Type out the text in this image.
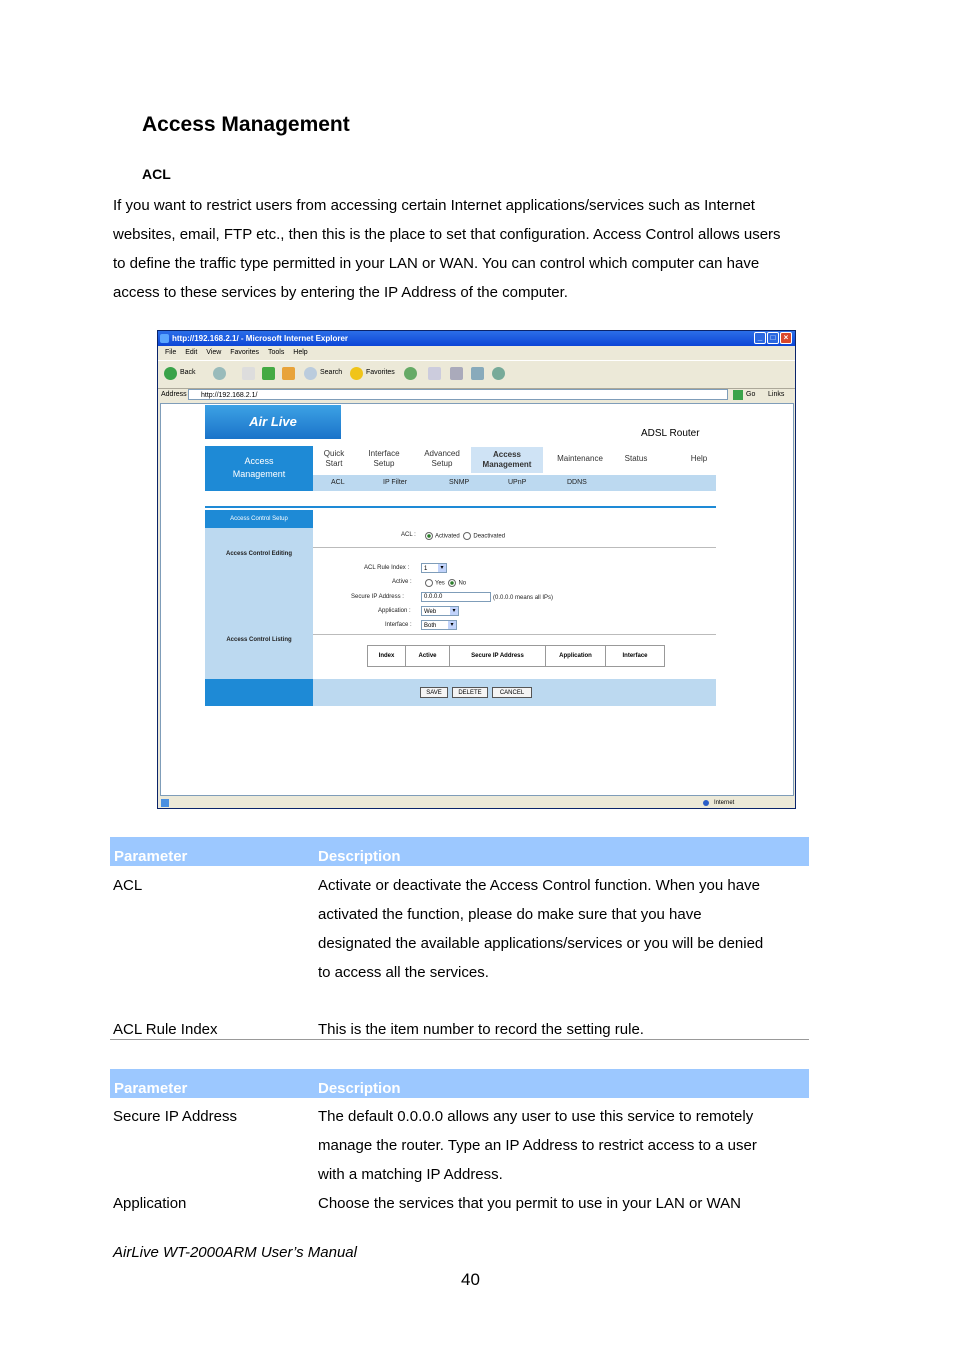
Access Management
ACL
If you want to restrict users from accessing certain Internet applications/services such as Internet
websites, email, FTP etc., then this is the place to set that configuration. Access Control allows users
to define the traffic type permitted in your LAN or WAN. You can control which computer can have
access to these services by entering the IP Address of the computer.
http://192.168.2.1/ - Microsoft Internet Explorer	_	□	×
File Edit View Favorites Tools Help
Back	Search	Favorites
Address	http://192.168.2.1/	Go Links
Air Live
ADSL Router
Access Management
Quick
Start
Interface
Setup
Advanced
Setup
Access
Management
Maintenance	Status	Help
ACL	IP Filter	SNMP	UPnP	DDNS
Access Control Setup
Access Control Editing
Access Control Listing
ACL :	Activated Deactivated
ACL Rule Index :	1	▾
Active :	Yes No
Secure IP Address :	0.0.0.0	(0.0.0.0 means all IPs)
Application :	Web	▾
Interface :	Both	▾
Index	Active	Secure IP Address	Application	Interface
SAVE	DELETE	CANCEL
Internet
Parameter	Description
ACL	Activate or deactivate the Access Control function. When you have
activated the function, please do make sure that you have
designated the available applications/services or you will be denied
to access all the services.
ACL Rule Index	This is the item number to record the setting rule.
Parameter	Description
Secure IP Address	The default 0.0.0.0 allows any user to use this service to remotely
manage the router. Type an IP Address to restrict access to a user
with a matching IP Address.
Application	Choose the services that you permit to use in your LAN or WAN
AirLive WT-2000ARM User’s Manual
40
